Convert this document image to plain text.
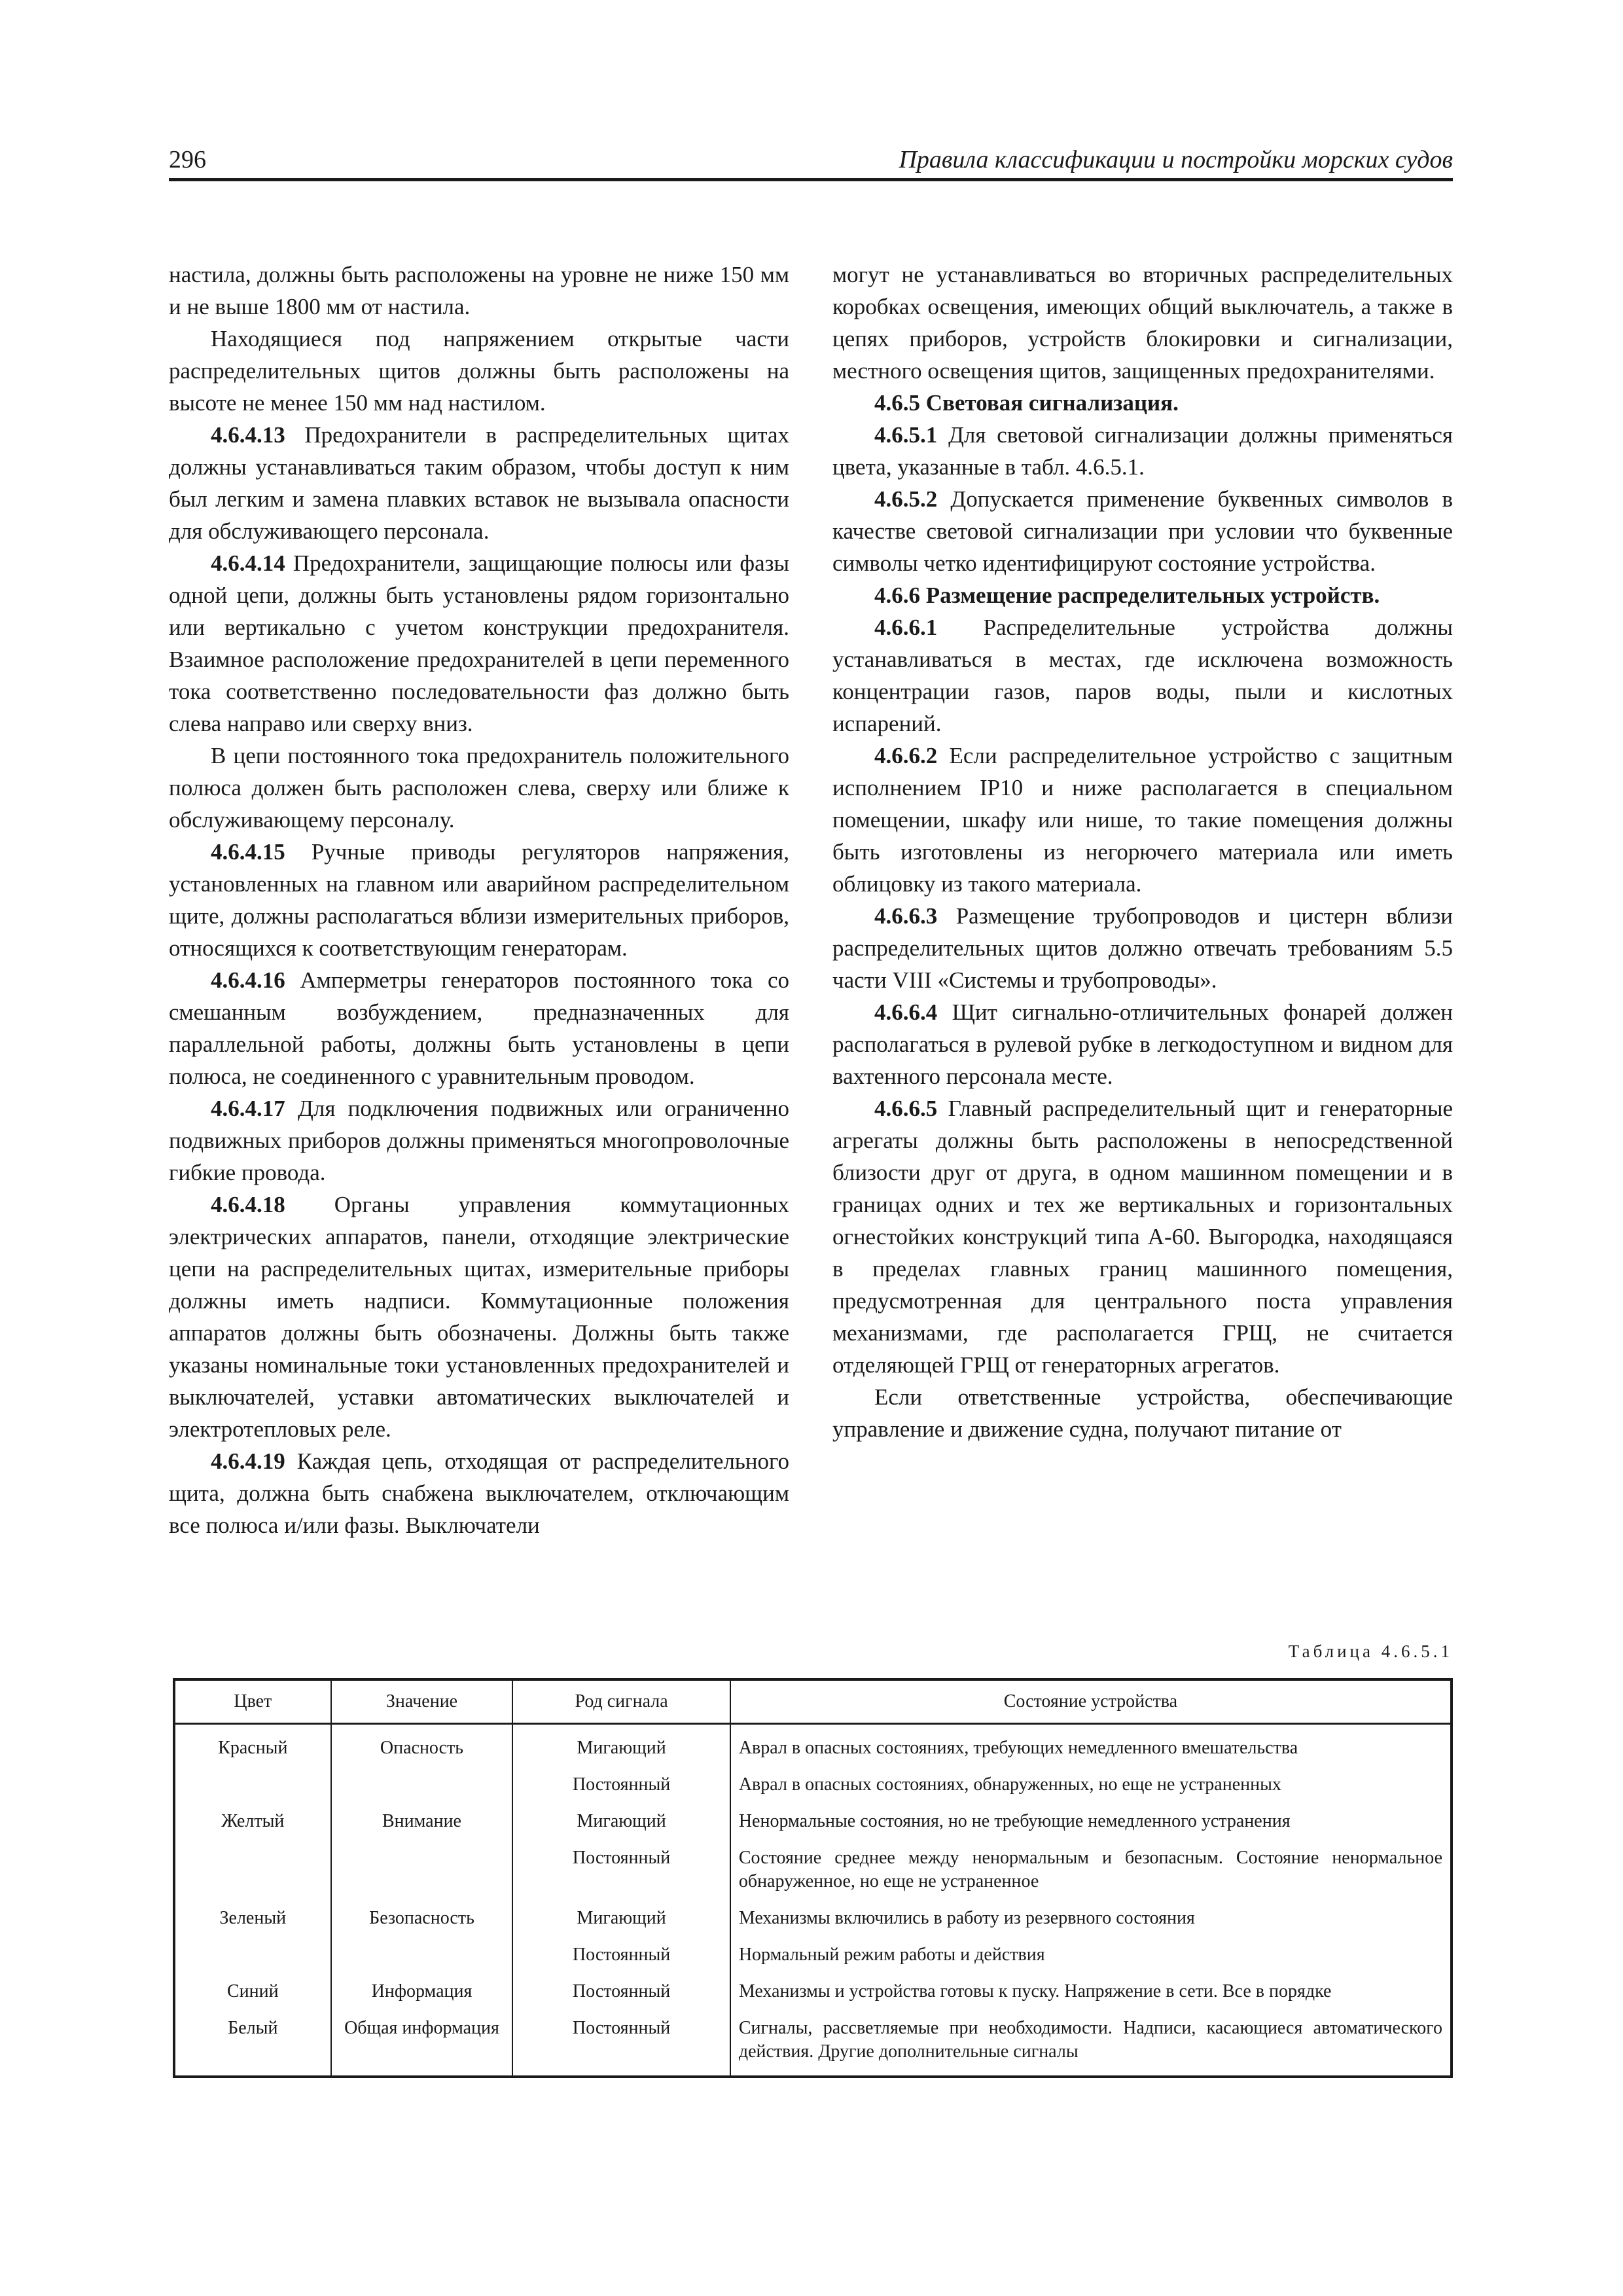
296	Правила классификации и постройки морских судов

настила, должны быть расположены на уровне не ниже 150 мм и не выше 1800 мм от настила.

Находящиеся под напряжением открытые части распределительных щитов должны быть расположены на высоте не менее 150 мм над настилом.

4.6.4.13 Предохранители в распределительных щитах должны устанавливаться таким образом, чтобы доступ к ним был легким и замена плавких вставок не вызывала опасности для обслуживающего персонала.

4.6.4.14 Предохранители, защищающие полюсы или фазы одной цепи, должны быть установлены рядом горизонтально или вертикально с учетом конструкции предохранителя. Взаимное расположение предохранителей в цепи переменного тока соответственно последовательности фаз должно быть слева направо или сверху вниз.

В цепи постоянного тока предохранитель положительного полюса должен быть расположен слева, сверху или ближе к обслуживающему персоналу.

4.6.4.15 Ручные приводы регуляторов напряжения, установленных на главном или аварийном распределительном щите, должны располагаться вблизи измерительных приборов, относящихся к соответствующим генераторам.

4.6.4.16 Амперметры генераторов постоянного тока со смешанным возбуждением, предназначенных для параллельной работы, должны быть установлены в цепи полюса, не соединенного с уравнительным проводом.

4.6.4.17 Для подключения подвижных или ограниченно подвижных приборов должны применяться многопроволочные гибкие провода.

4.6.4.18 Органы управления коммутационных электрических аппаратов, панели, отходящие электрические цепи на распределительных щитах, измерительные приборы должны иметь надписи. Коммутационные положения аппаратов должны быть обозначены. Должны быть также указаны номинальные токи установленных предохранителей и выключателей, уставки автоматических выключателей и электротепловых реле.

4.6.4.19 Каждая цепь, отходящая от распределительного щита, должна быть снабжена выключателем, отключающим все полюса и/или фазы. Выключатели

могут не устанавливаться во вторичных распределительных коробках освещения, имеющих общий выключатель, а также в цепях приборов, устройств блокировки и сигнализации, местного освещения щитов, защищенных предохранителями.

4.6.5 Световая сигнализация.

4.6.5.1 Для световой сигнализации должны применяться цвета, указанные в табл. 4.6.5.1.

4.6.5.2 Допускается применение буквенных символов в качестве световой сигнализации при условии что буквенные символы четко идентифицируют состояние устройства.

4.6.6 Размещение распределительных устройств.

4.6.6.1 Распределительные устройства должны устанавливаться в местах, где исключена возможность концентрации газов, паров воды, пыли и кислотных испарений.

4.6.6.2 Если распределительное устройство с защитным исполнением IP10 и ниже располагается в специальном помещении, шкафу или нише, то такие помещения должны быть изготовлены из негорючего материала или иметь облицовку из такого материала.

4.6.6.3 Размещение трубопроводов и цистерн вблизи распределительных щитов должно отвечать требованиям 5.5 части VIII «Системы и трубопроводы».

4.6.6.4 Щит сигнально-отличительных фонарей должен располагаться в рулевой рубке в легкодоступном и видном для вахтенного персонала месте.

4.6.6.5 Главный распределительный щит и генераторные агрегаты должны быть расположены в непосредственной близости друг от друга, в одном машинном помещении и в границах одних и тех же вертикальных и горизонтальных огнестойких конструкций типа А-60. Выгородка, находящаяся в пределах главных границ машинного помещения, предусмотренная для центрального поста управления механизмами, где располагается ГРЩ, не считается отделяющей ГРЩ от генераторных агрегатов.

Если ответственные устройства, обеспечивающие управление и движение судна, получают питание от

Таблица 4.6.5.1
Цвет	Значение	Род сигнала	Состояние устройства
Красный	Опасность	Мигающий	Аврал в опасных состояниях, требующих немедленного вмешательства
		Постоянный	Аврал в опасных состояниях, обнаруженных, но еще не устраненных
Желтый	Внимание	Мигающий	Ненормальные состояния, но не требующие немедленного устранения
		Постоянный	Состояние среднее между ненормальным и безопасным. Состояние ненормальное обнаруженное, но еще не устраненное
Зеленый	Безопасность	Мигающий	Механизмы включились в работу из резервного состояния
		Постоянный	Нормальный режим работы и действия
Синий	Информация	Постоянный	Механизмы и устройства готовы к пуску. Напряжение в сети. Все в порядке
Белый	Общая информация	Постоянный	Сигналы, рассветляемые при необходимости. Надписи, касающиеся автоматического действия. Другие дополнительные сигналы
